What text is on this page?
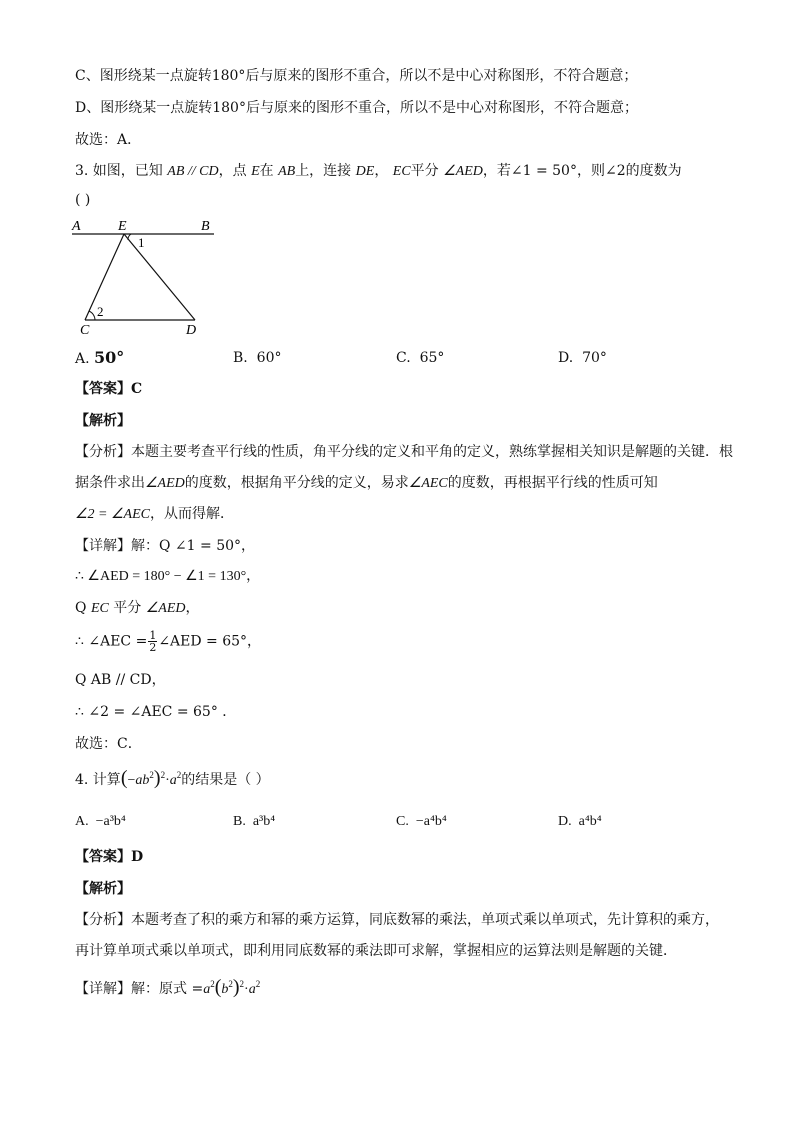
C、图形绕某一点旋转180°后与原来的图形不重合，所以不是中心对称图形，不符合题意；
D、图形绕某一点旋转180°后与原来的图形不重合，所以不是中心对称图形，不符合题意；
故选：A．
3. 如图，已知 AB // CD，点 E在 AB上，连接 DE， EC平分 ∠AED，若∠1 = 50°，则∠2的度数为
( )
A	E	B
1
2
C	D
A. 50°	B. 60°	C. 65°	D. 70°
【答案】C
【解析】
【分析】本题主要考查平行线的性质，角平分线的定义和平角的定义，熟练掌握相关知识是解题的关键．根
据条件求出∠AED的度数，根据角平分线的定义，易求∠AEC的度数，再根据平行线的性质可知
∠2 = ∠AEC，从而得解．
【详解】解：Q ∠1 = 50°，
∴ ∠AED = 180° − ∠1 = 130°，
Q EC 平分 ∠AED，
∴ ∠AEC = $\frac{1}{2}$ ∠AED = 65°，
Q AB // CD，
∴ ∠2 = ∠AEC = 65° ．
故选：C．
4. 计算$(-ab^2)^2\cdot a^2$的结果是（ ）
A. −a³b⁴	B. a³b⁴	C. −a⁴b⁴	D. a⁴b⁴
【答案】D
【解析】
【分析】本题考查了积的乘方和幂的乘方运算，同底数幂的乘法，单项式乘以单项式，先计算积的乘方，
再计算单项式乘以单项式，即利用同底数幂的乘法即可求解，掌握相应的运算法则是解题的关键．
【详解】解：原式 $=a^2(b^2)^2\cdot a^2$
